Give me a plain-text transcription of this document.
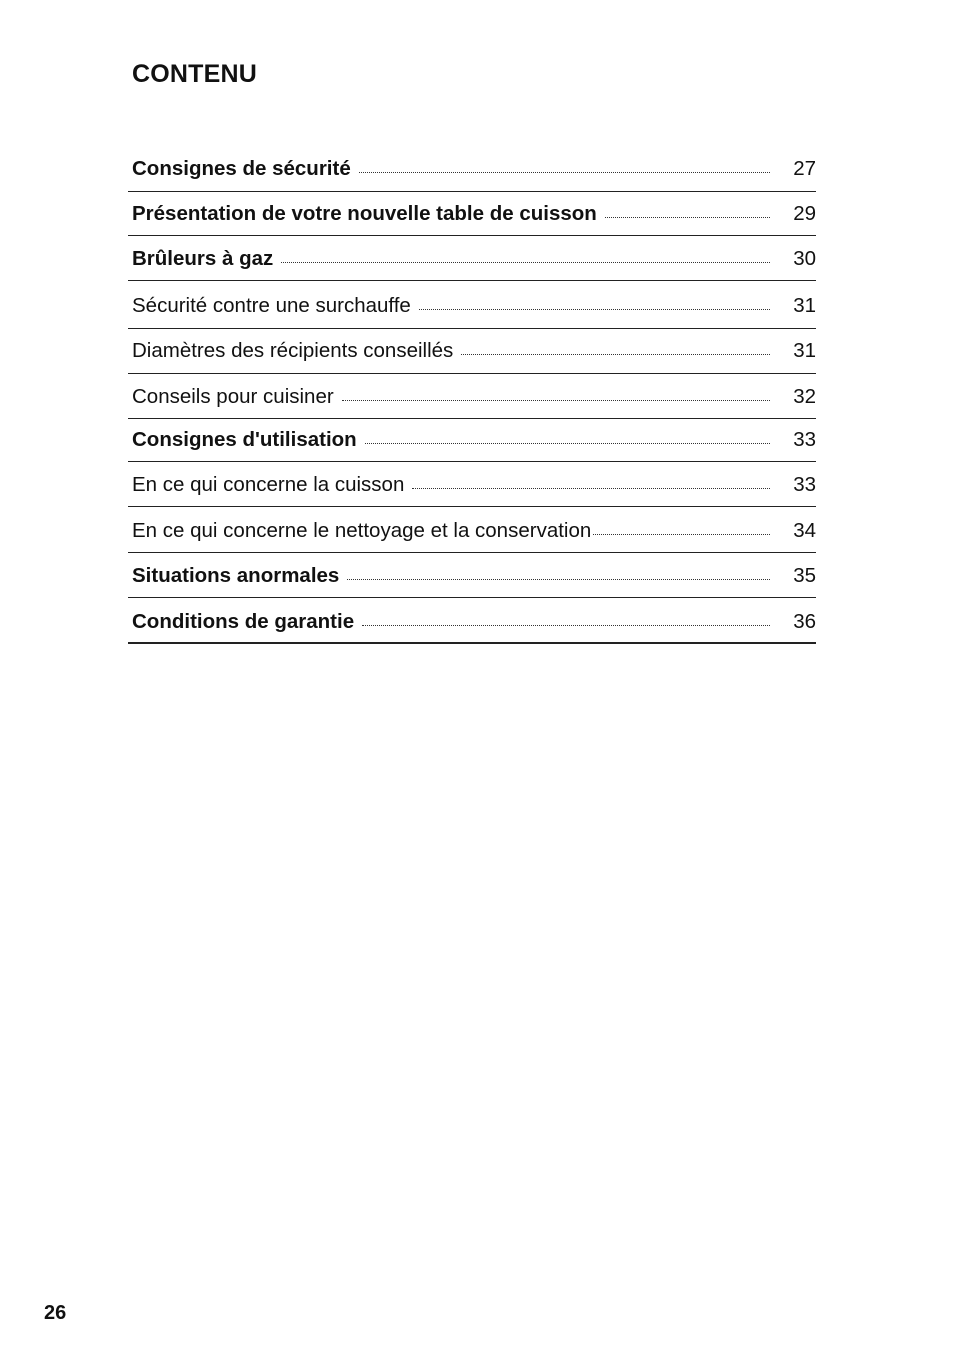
CONTENU
Consignes de sécurité	27
Présentation de votre nouvelle table de cuisson	29
Brûleurs à gaz	30
Sécurité contre une surchauffe	31
Diamètres des récipients conseillés	31
Conseils pour cuisiner	32
Consignes d'utilisation	33
En ce qui concerne la cuisson	33
En ce qui concerne le nettoyage et la conservation	34
Situations anormales	35
Conditions de garantie	36
26
